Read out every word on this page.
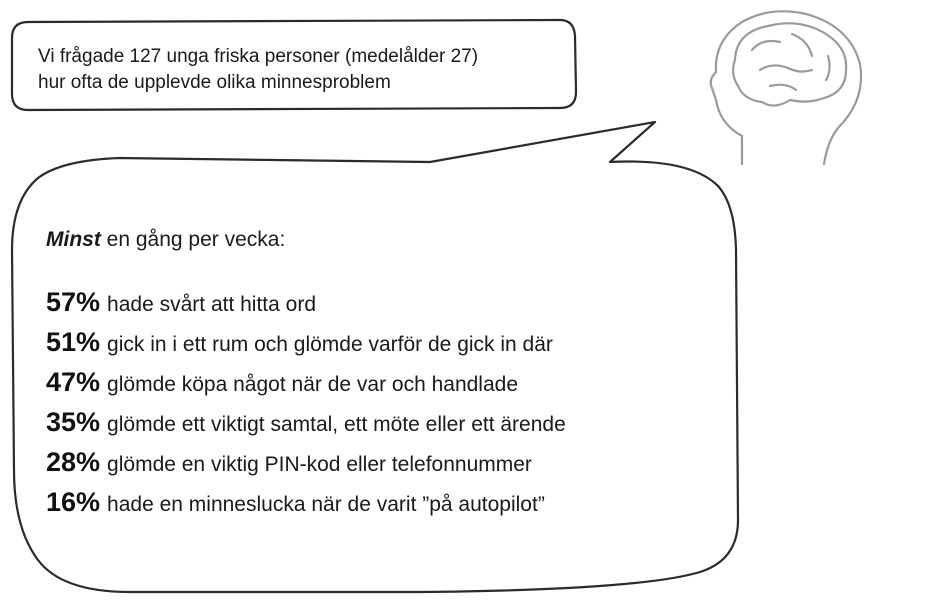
Vi frågade 127 unga friska personer (medelålder 27)
hur ofta de upplevde olika minnesproblem
Minst en gång per vecka:
57% hade svårt att hitta ord
51% gick in i ett rum och glömde varför de gick in där
47% glömde köpa något när de var och handlade
35% glömde ett viktigt samtal, ett möte eller ett ärende
28% glömde en viktig PIN-kod eller telefonnummer
16% hade en minneslucka när de varit ”på autopilot”
